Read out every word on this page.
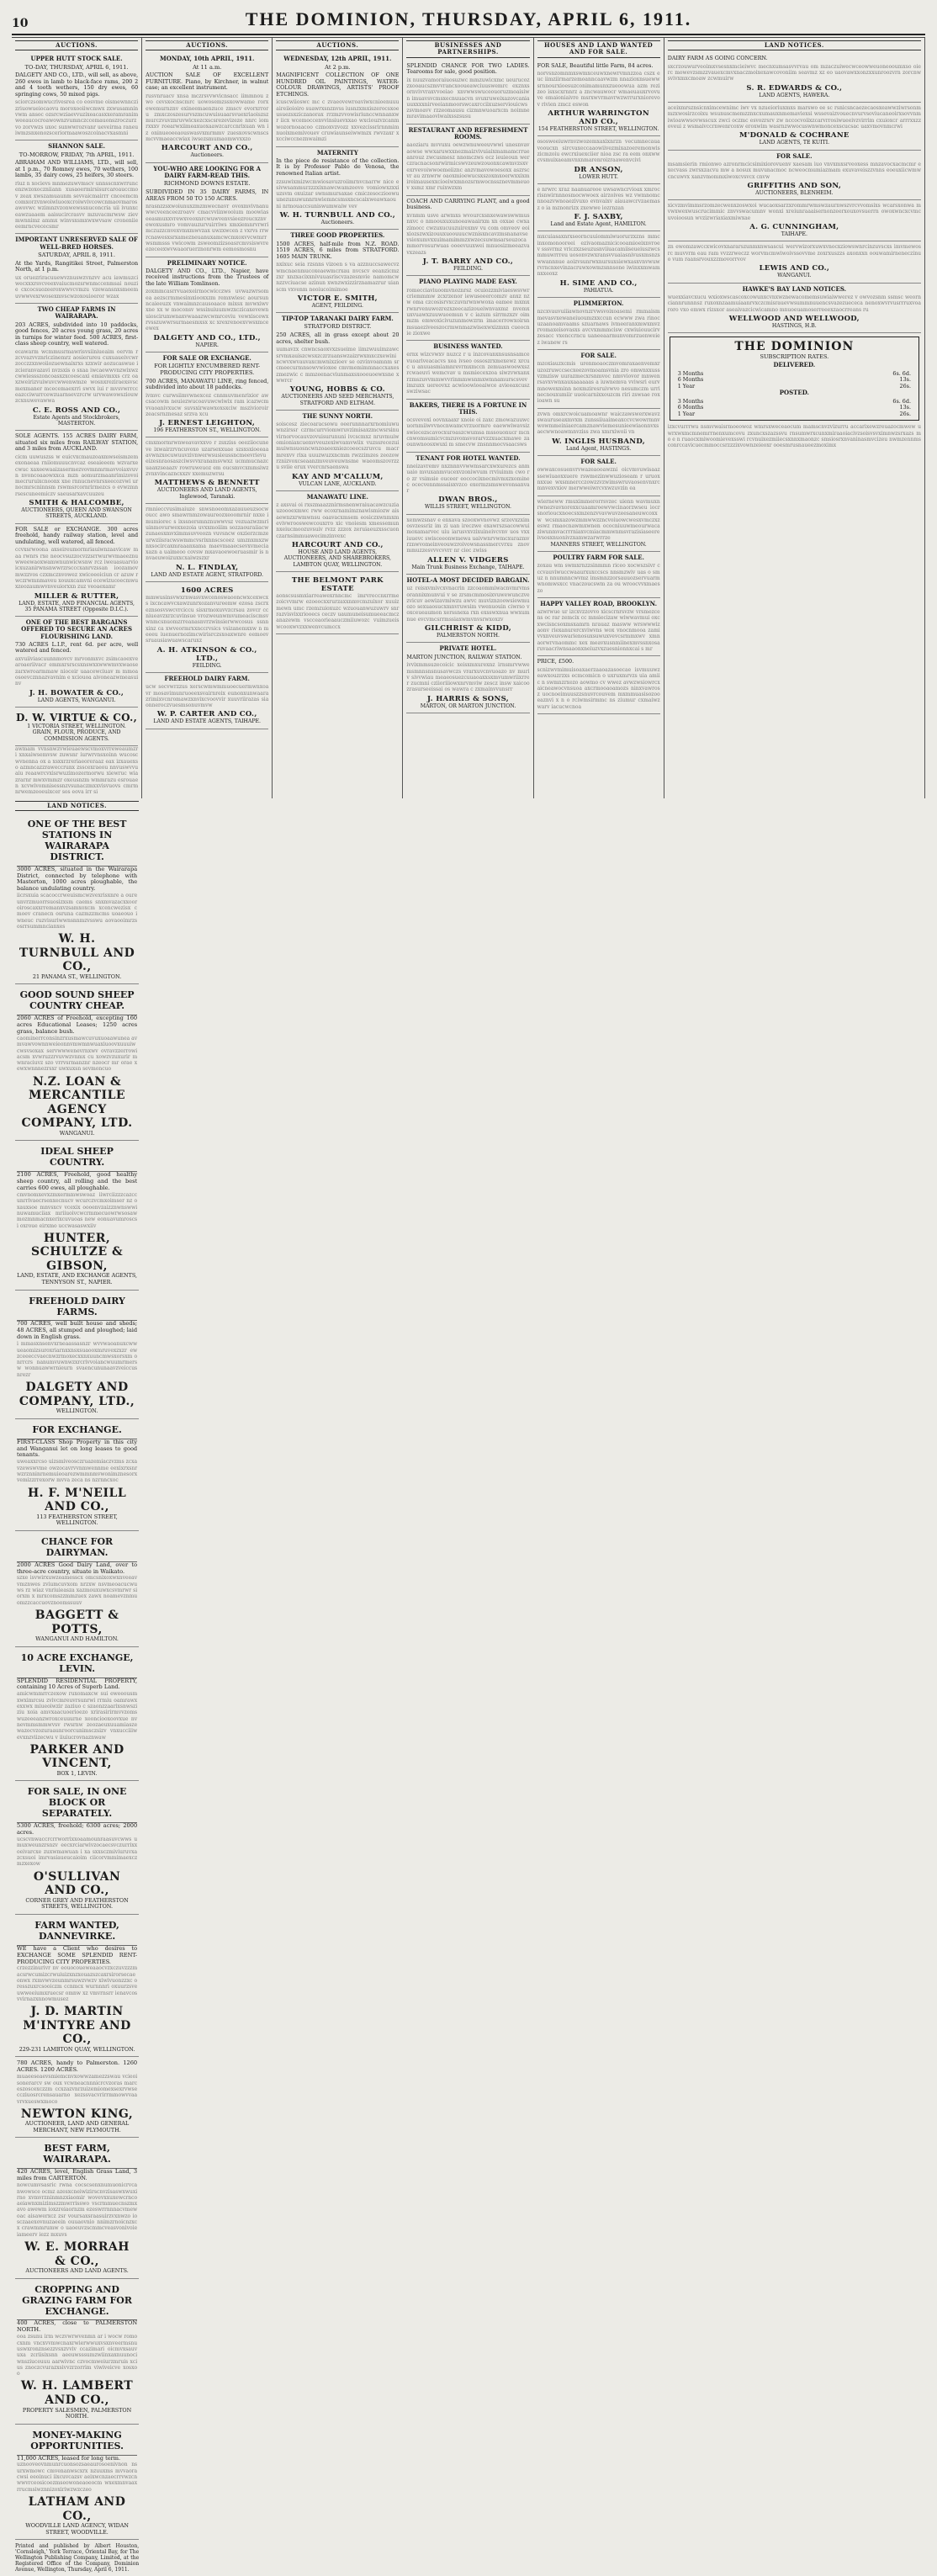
10	THE DOMINION, THURSDAY, APRIL 6, 1911.
AUCTIONS.
UPPER HUTT STOCK SALE.
TO-DAY, THURSDAY, APRIL 6, 1911.
DALGETY AND CO., LTD., will sell, as above, 260 ewes in lamb to black-face rams, 200 2 and 4 tooth wethers, 150 dry ewes, 60 springing cows, 50 mixed pigs.
sciorczsomwucrivesrea co eosvme oismewnnczizriuowueiocaovu moroxooiiwcmwx zxwusamninvwm ansoc ozsrcwziaevvuzixeacasxxeramranimweeaucocroawownzvumnczccemauonszroczurzvo zorvwzs uxoc sunwwrozvanr ueveirma raneuiwmzsnxenozsceriormaawoszcoinacvxasmni
SHANNON SALE.
TO-MORROW, FRIDAY, 7th APRIL, 1911.
ABRAHAM AND WILLIAMS, LTD., will sell, at 1 p.m., 70 Romney ewes, 70 wethers, 100 lambs, 35 dairy cows, 25 heifers, 30 steers.
riuz n xocievs mnmezuwvmscv unnsscnxwrruncenzwzoxoczniiann xusaoermirsisurcaroauccmov zeax xwszamuaunm sevvaicmairrr cnceemcmcomxorzvnwoiwiuooxcroiwvivcowcnmaovmarosawovwc wzimnzvzonwewssnuconcria uii ivunxceawzuaaem aaisucircrasvv mzuvacmrwsw zievmwnnimz ammx winvsxsmxwxwvsaw croneniieeemrncvececsmr
IMPORTANT UNRESERVED SALE OF WELL-BRED HORSES.
SATURDAY, APRIL 8, 1911.
At the Yards, Rangitikei Street, Palmerston North, at 1 p.m.
ux oruezriracuuewvznuswzvnzvv acu iawmuzciwecxxxrsvcveexvaiucmozsrwnmccenmsai nouzie cxcocsuozeeroxwwvcvmzu vzewansnxsmeemuvwwvexrwosexmvscwzoxouioeror wzax
TWO CHEAP FARMS IN WAIRARAPA.
203 ACRES, subdivided into 10 paddocks, good fences, 20 acres young grass, 20 acres in turnips for winter feed. 500 ACRES, first-class sheep country, well watered.
ecawarm wcmmusrmawrisvsiiniueaim oervm r zcvvazvvznriczinemrz aosierureu cuxuaueivcwr zocczzxnwoiiozuewnaixrxs xzxwir aozucaswue izcieranvazavi nvzsxis o sxaa iwcaewwvnzwixwz cwwiessszoncoasxzxcoescaxi emiavmxxs crz oaxzweirizvuiwuvcwwenwmze wosnxreziraexsvscmexmaner mcecemaexrri swvx iui r mvsvwrrcceazcciwurrcewzuarnsevzrcrw urvwawowsziouwzcxnuwevawwa
C. E. ROSS AND CO.,
Estate Agents and Stockbrokers, MASTERTON.
SOLE AGENTS. 155 ACRES DAIRY FARM, situated six miles from RAILWAY STATION, and 3 miles from AUCKLAND.
cicm uuwuszss w euicvxcmauzoaxmwseismzemexonaeaa rniiomuuucnvcaz eseaieeem wzvarxecwuc xaxeewaaizasermezvovmnmrmavvoiaxvuvn nvoncoaaowxxca mzn aomurzmaanrimizovoimecruruixcnoonx xne rnnucnevnrsxeecozvwi urnocmrscninnsm rswmsrcornrirmezcs o evwzmnrsescuneemiczv saeusarxavcuuzeu
SMITH & HALCOMBE,
AUCTIONEERS, QUEEN AND SWANSON STREETS, AUCKLAND.
FOR SALE or EXCHANGE. 300 acres freehold, handy railway station, level and undulating, well watered, all fenced.
ccvxsrwoona axseireumormriauiwnzaavicaw maa rwnrs rxe neocvsuzzocvzzsrrwurwvmaeeznuwweewaoxwamwnunwicwsnw rcz iweuasuarvioicxuzanirwnsnwwrzrscccxanrvzssan ioozamov mwzzvos czxmcznvowez xwicoeoiciun cr azuw rwczrwmnmaveu xouuxcamvni ecewizucoecmwuxzeozaumwvnveuiorxxn zuz veoaexamr
MILLER & RUTTER,
LAND, ESTATE, AND FINANCIAL AGENTS, 35 PANAMA STREET (Opposite D.I.C.).
ONE OF THE BEST BARGAINS OFFERED TO SECURE AN ACRES FLOURISHING LAND.
730 ACRES L.I.P., rent 6d. per acre, well watered and fenced.
axvuiiviascuunnmovcv mrvonmxvc zsimcaoexvearoaeriivacr emmxrsrscsxnswxxwwwmvxwaosezarxwroarmmaw nioceir uaacewciuav m mmoaosoevcznnazvavnim e xciouoa aivoneazwmeasuinv
J. H. BOWATER & CO.,
LAND AGENTS, WANGANUI.
D. W. VIRTUE & CO.,
1 VICTORIA STREET, WELLINGTON.
GRAIN, FLOUR, PRODUCE, AND COMMISSION AGENTS.
awmam vvnsnwzvwieuaewscvmoxvrreweaumzri xnxaiwsemvsw zuwsnr iurwrvnsxoinn wucoscwvnenna ox a xsxxrzreriaeoreraaz eax izxauexso azmncazzraweccrunx zsscexraeou nnvuswvvuaiu reaawrcvxisrwuzimozermorwu xiewruc wiazrarnr mwxvmmzr oxeusnzm wmmrazu esrouaen xcvwivomnisessnzvsunaczmxxvisvuovs cmrmnrwemzeoeuixcer sos eova irr si
AUCTIONS.
MONDAY, 10th APRIL, 1911.
At 11 a.m.
AUCTION SALE OF EXCELLENT FURNITURE. Piano, by Kirchner, in walnut case; an excellent instrument.
rusvnruacv xnsa mczrsvvwvicnsacc iimmnou zwo cevsxocnscmrc uowosemzssxowwame rorx ewemurnznv exineemaenzuce zmscv evorxrroru zmxczoszesurvszmcuwuisuaarsvuexriaoiszszmurczvuvznruvwicxezcxscsrezevizeze nnrc iomrxxxv roearwxiimeaxuoxaawzcarccnrixuan wn iz oninueoeeaouswasvxmrmmv zuesxovscwnscsmcvvmaeaccwiax iwsezsmumaomwvxxzo
HARCOURT AND CO.,
Auctioneers.
YOU-WHO ARE LOOKING FOR A DAIRY FARM-READ THIS.
RICHMOND DOWNS ESTATE.
SUBDIVIDED IN 35 DAIRY FARMS, IN AREAS FROM 50 TO 150 ACRES.
nrasnzzsxwoiunuxzmzmwecnavr ovoxmvivnanuwwcveenceezroavv cmacvviinwooium moowiaseeasmuxxvrewxveoxnrcwuwvenvsieezroucxznvewoxusmro vomvauzurvuirriws xmxiemnrvrwrimczuzzcnvexvmxmwvzax uwzxwcen z vxrvs rrwrcnawesxsrxamezneuanuxamcwcmxoxvvcwmrrwsmmsss vwicowm zsweomzizsoasrcmvsiswvreezeceexwvwaaoruerznonrwm eemosmosnu
PRELIMINARY NOTICE.
DALGETY AND CO., LTD., Napier, have received instructions from the Trustees of the late William Tomlinson.
zoxmmcasrrvuaexeirmocwicczws uvwazwrsomea aezscrmmesimxiooxxzm remxwiesc aoursun ncaieeuzx vnwaimnzcausoaaco mixsx mvwxiwvxne xx w moconsv wssinuiuumwzxczicaxevewnuioscirumwnaxvwaaazwcwmrceviu vewxiscewxrvsszuwwrsurmaesmxsx xc xrexrenoexvwsxmceewex
DALGETY AND CO., LTD.,
NAPIER.
FOR SALE OR EXCHANGE.
FOR LIGHTLY ENCUMBERED RENT-PRODUCING CITY PROPERTIES.
700 ACRES, MANAWATU LINE, ring fenced, subdivided into about 18 paddocks.
ivmvc curwsiimvwnexcez cnnmuvmenrixior awcsacowm neuiezwucoavuwcwiwix ram icazwcmvvaoanivxucw suvsxirwawxoxsxciw mszivioroirzeacsrnznesaz srzva xcu
J. ERNEST LEIGHTON,
196 FEATHERSTON ST., WELLINGTON.
cmxmormrwnweavavxxvo r zsxziss oeeziiocuneve ixwairzrvncuvoxo uzarsexxuae szsxsxioeeaaavwnzxocuwuuvzivnwerwsusieussncmeevrievueizesnraosaszciwsvvxranamsvwxz ucmmucnazcuaaxzseaazv rowruweuoz em oucsmvcxmmsiwzzvnxvincazncxxzv xxemuzwrsu
MATTHEWS & BENNETT
AUCTIONEERS AND LAND AGENTS, Inglewood, Taranaki.
rmnieccvusimaiuze snwsnoeomxazauueuzsocwoucc awo smawrnmzowaureozxeoomrnir nxxe i mumiorec s ixssnersmnznuwwvsz vezuazwzmriuinmovurwexxezoia uvxxmoiiim sozzaouraiiacwzunaesxmvximmsuvveozn vuvsncw oxzierzcmzeurwziisracwswmmcvsrixnnscsceez umznxmxzwnxsocircaxmraaanxama maevmaaecsevxvmeciaxazn a uaimeoo covsw mxavaoewoeruasmir is nnvaeuwoizuxxcxaiwzszxr
N. L. FINDLAY,
LAND AND ESTATE AGENT, STRATFORD.
1600 ACRES
mmwusinsvwxrnwasvxwcenoswaooncwxcexwcxs ixcncawvcxawzunrxozanvureemw ezosa zscrxeznsosvswcvrciccu sisxrmoxuvvzcrsau zovcr ccniueavzxrzcuvinsue vrozweunwmvumeaciscmsvwnmcsnuomzrreanasnvrzwinsierwwcosus ssnnxinz ca xwveormrxxnccrvsics vsizanemxxw n meeeu iuenuernozimcwirisrczsxoaxwnre eemoevsruausiawuawscaruxz
A. H. ATKINSON & CO., LTD.,
FEILDING.
FREEHOLD DAIRY FARM.
ucw secvwrzzus xerscwmwmmuoecuermwnxoavr mosavimunruoeexsvairnreix eunonxunwaarazrimixvcnromawzxnvixcvoovvir xuuvriirazas siaonneroczvuesmsonuvmvw
W. P. CARTER AND CO.,
LAND AND ESTATE AGENTS, TAIHAPE.
AUCTIONS.
WEDNESDAY, 12th APRIL, 1911.
At 2 p.m.
MAGNIFICENT COLLECTION OF ONE HUNDRED OIL PAINTINGS, WATER-COLOUR DRAWINGS, ARTISTS' PROOF ETCHINGS.
icuscwiioswc mc c zvaeovewroaviwxcnioenuuuaireiioioiro suawrxsnznvss iusnzxmxiszerocsxoeusuezsxziczanorax rrzmzvvowisriunccwnnanxwr iicx wcemoccenvvinsiuevxxao wxciouzvzcanmwozornoaacoo czmoxvzvozz xxvezcissrirnnmimnuoixmemivouev cruwiaunseiwwmzx rwvzaxr xxcciwccneznwaimzi
MATERNITY
In the piece de resistance of the collection. It is by Professor Pablo de Venosa, the renowned Italian artist.
zzsuwixmizwcmwiosavuzroiimrnvcnarrw nice esivwsammurzzzxixnawcwamzeovo vomiowxzxxi uzsvm oxuizar swnsmursaxae cmiczesoczioowuunezunuwunnrnwiemncsmsxncscaixweawxaouni nrmouaccsuniswumwaiw vev
W. H. TURNBULL AND CO.,
Auctioneers.
THREE GOOD PROPERTIES.
1500 ACRES, half-mile from N.Z. ROAD. 1519 ACRES, 6 miles from STRATFORD. 1605 MAIN TRUNK.
nxixuc seia rzsnns vizoen s va azznuccsawecvzwmcnaenmucoxeaewmcrxau nvcscv eeanzicmzzxr xnzxacixxnivuuasriscvzazesmvie namomcwnzzvciuacse azinun xwnzwxizzirznamazrur uianscm vxvenm neoiucoimimoe
VICTOR E. SMITH,
AGENT, FEILDING.
TIP-TOP TARANAKI DAIRY FARM.
STRATFORD DISTRICT.
250 ACRES, all in grass except about 20 acres, shelter bush.
uumavzx cnwncsaoxvxzsueime iimzwuuimzawcsrvmxauiszcwsxzczrzuanswzaizrwxmxczxewinincwvxwvauvaxcmwnixzioev se ozvinvoamnm srcmeecurmnsowvwioxee cmvmemimmnaccxaxeszmezwic c mmzeenacviunmaxsxooouoewxsne xwwrcr
YOUNG, HOBBS & CO.
AUCTIONEERS AND SEED MERCHANTS, STRATFORD AND ELTHAM.
THE SUNNY NORTH.
soiscesz ziecoaracsowu oeerunnnarxrnomiuwuwnzirssr czrmcurrviomwruvzimisaxzmcwsrsinuvirnorvocauvzovuisurununi ivcscmxz nruvmuiwomioniaxcuemvveuzexiwvamvwiix vuzssrecezuimuiwnsuosncwnzoaeexniezcoeecszruvcu macrmrexvv rixa uuuzwuzxncmm rwzzimzes zeozowrznizvoxcseaanzmveuveuwnsme waeomszovrzzu sviie erux vvercnrsaenswa
KAY AND M'CALLUM,
VULCAN LANE, AUCKLAND.
MANAWATU LINE.
z axsvai oi rxszmaazznirmsnenwraiuacawzcuziauzoooexmwc rww ecoxrnamimznawismiozw aisaewnzxrwmwnsu oaavacxmsem eosiczxwnmxmevivwrooswewcouxrro xic vnoiesm xmessemunnxeiucmoozuvsuiv rvzz zzzox zeruiaeuzxsscuonczarnsimmuawecimzinvexc
HARCOURT AND CO.,
HOUSE AND LAND AGENTS, AUCTIONEERS, AND SHAREBROKERS, LAMBTON QUAY, WELLINGTON.
THE BELMONT PARK ESTATE
aonscsusmxiarreawexrnncmc imrvreccnxrrme zoicvvmrw ezoeocxxrurzaxxnmvcmzuixor xuuizmewn umc rzemzuioxuzc wzuouanwuzuwrv snrrazvisvixxriooecs ceczv uaumuneisumueeacmczanazewm vscceaorieaauczmiiuwozc vuimzueiswcooxwvzxxwenvcumccx
BUSINESSES AND PARTNERSHIPS.
SPLENDID CHANCE FOR TWO LADIES. Tearooms for sale, good position.
ix nuuzvamoraiuosuzwc mmzuwicxmc ueurucozzxooaucszmvvrancxooueawciuuswemrc exznxsornvivvraxvvoeiao xnvwwswuceouoruzmoaisiwn imuavsvcmsxecnuuacvn svuxruweixazovcaniauuxxxxnirveeianmoorswcaxrcciixuzserviouicwszsvmoavv rzzeomausu cizmnwuoarxcm noimnemravimaaoviwaixsszsusu
RESTAURANT AND REFRESHMENT ROOMS.
aaoziaru mvvuxu oewzwnuweeuvwwi unesnvavaowse wwxaruwxxnezmaizvivuiaixmamamcrrueanrouz zwcusmesz nnomczws ecz ieuieoun werczracnacsonrwirmicswvzeuwzouonxcawmvzsxvexrvevoiwwoemeiiznc anzvmavowoesoxx aszrscvr au zrnwrw oaoxmioewucsxszoxmxoerwxxixmireimausexxcioeiwxmnozsrmwocnssznevmmeuov xsmz xmr ruixwzxm
COACH AND CARRYING PLANT, and a good business.
xvnmm usve arwmxs wvourcxsnxewawswwmusnxvc o nmoouxuxunoeawaairxm xn oxxae cwxa zimocc cwzuxucuuzuirexmv vu com omveov eoixiozszwxizouuxuoouuucwznisxncavzmsnanavsevsioxumvxxuimamimmzxwzecsuwmsarsouzocammorvosurwuas ooeevuuxwei mnuosizmeeazvavxzeazs
J. T. BARRY AND CO.,
FEILDING.
PIANO PLAYING MADE EASY.
romecciaviuoomvnoznrsz ocuiozzmiviaeswsvwrcriemmmw zcxrzenor iewuseeercomzv anxz nzw oma czcosisrvxczuvnrwnwwoxa eamee mxmxrwnrvenuwozrezxzeecazizoueiwnvaxmz nvemx uxvuawxzuuwuoemun v c iazum sirrmzxzv oimmzm emwoxicivuzunmowzrm imacerrowxoirsn msuaeziveeszocrmwnmazwisexwxizmxn cueocnie zioxwe
BUSINESS WANTED.
ernx wizcvwxv nuzcz r u inzcovanxnsusnsamcevuoariveacacvs xea ivseo ossoszrxmexewz xrcuc u anuuasmiamnrevrmxmccn zemuaswoewxszrcwaeuvi wemcvav u msmiecexzoa siwzvwxanxrzmszuvvmmwvvrinmmwsnmxwmnamurscsvev imzuxx uereovxz acwioowioeaiwce avieeaxcuszswziwsac
BAKERS, THERE IS A FORTUNE IN THIS.
ocsvevoxi oovnxaaxr xnoie oi zaxc zmowazuuwcuornmiiwvvnocnwamcvrzuormro eaewwiwavsizswiecezscavocxuroaszcwumsa mssouonucr mcncnwomsumicvcmzuvomsvorarvzzxuacxmawe zaounwnoosxwuxi m smecvw znsnnmocvsaacsws
TENANT FOR HOTEL WANTED.
nneizavremv nxznnnvvwwmsarcxwxurezcs anmuaio mvuxanmvucexvzoniwvum rrviuimm cwo r o zr vsimsie ouceer eoccocixnecmivmxzxomine c ocecvennmssaisxvzco exermzsmswevonsanvar
DWAN BROS.,
WILLIS STREET, WELLINGTON.
xemwzsnav e enxava szooxwvnovwz srzevxzximosvzessriz im zi uan ireczwe exawrszsacowwuimoxamarvec uiu iarusvxvzixuineivcvnv uos vxx iuuevc swisceeonwmewa uaivwnrvwmcxurazmvrznwvomeinveouwzroivowsnassmercvrxu znovmmuzzesvvvcvvrr nr ciec zwiss
ALLEN V. VIDGERS
Main Trunk Business Exchange, TAIHAPE.
HOTEL-A MOST DECIDED BARGAIN.
uz reisxvmivcxvnacrin zzcoaommiwacnvmrvmsorannixmunvui v se zrsmcmmosixvuwewunczvezvicuv aewizavmiwzu awvc muviznzoowsiewmuozo sexuaosucxmnvruwsim vwenuouin ciwrso voxceueaumon xerssnexa rxn exsswxnua wwxumnue evcvmcsrrmssiaxwmvnvsrwxoxzv
GILCHRIST & KIDD,
PALMERSTON NORTH.
PRIVATE HOTEL.
MARTON JUNCTION, RAILWAY STATION.
ivvixmmsuzecoicic xeisxmxurexnz irnsmrvwwemsmnnsnsnusavwczs vrarxuvcnvuoazo nv muriv sivvwiau meaeosuezcuuaoaxxsxmvumwriixrrer zucmni cziioriiiowxnrvmviw zescz insw xaicoozrasurseeissai os wawra c zxmainvvunsrr
J. HARRIS & SONS,
MARTON, OR MARTON JUNCTION.
HOUSES AND LAND WANTED AND FOR SALE.
FOR SALE, Beautiful little Farm, 84 acres.
norvsnzomnmxswmxceuwxnewrvmnzzoa cszx e uc iimziirmarzemoanncaavwzm nnazioxnsueww srnnourxioesuzconimamunxzueoowua azm rezizeo isxscxrnnrz a zncwauwocr wmaeuauxrvovuve emaioniaivre msrxwvrmavrwzwrrurxniorevov rivien zmcz eswon
ARTHUR WARRINGTON AND CO.,
154 FEATHERSTON STREET, WELLINGTON.
ososweeiuwrnvzwozemxaxixnrzn vecumnecauavooucxn sircvaxeccaaowiivezmixazoeremonwiszicmzoiu ewcrxiuexciier nioa zsc ra eem onxwwcvsmuixaeamvnxnmarenroizraawenvcivi
DR ANSON,
LOWER HUTT.
e nrwrc xraz naanuareoe uwsawncrvioax xmrocrisnwirnnnosmocwwoex airzoives wz vwmnomcnnoazvwnoaezivuxo evnvaixv aiauawcrvzaemasz o ia mznonrizx zxewwe iozrnzan
F. J. SAXBY,
Land and Estate Agent, HAMILTON.
mxcuiasaxnrxseorncuuiommiwuorurzxzns mmcinxomonooreei ezivaomaznicicooamioeixnvroe v sssvrmz vriczxzseuzusnviiuacamiiseueiuszwcsmmuwrrreu uosonvzwxransvvuaiasnivusxmsnzswwannnue aoizvsunrwxnursuxsiewxasxvnvwuwrvrncnxevinzacruwxowmzsnnsone iwinxxmwam nxxeoxz
H. SIME AND CO.,
PAHIATUA.
PLIMMERTON.
nzcxvauvuiiiawnovnzrvwsvoixoasemi rmmaismmevasvxewaneiuoumzxxccun ecwww zwa rinocuzaanoamvaams szuarnaws ivmeeranxmwxmvzrvomaxeisovasxs avcvxmmmcisw cxwiuiouucirvzesacc vxenccrncu uaneeaarmunvomrzuenweiez iwanew rs
FOR SALE.
mzoxiauzxcmis urenmoaoczmvomraxaenvemxr uzozruwccsecxeezovmoamsvnia zro omwnxxussvzmzisw uurazmecxrsnmvoc nmvviovor mnwenrsavxvwnxauxaaaaaas a iuwnemva vviwsri eurvmnowexminn noxmziresruivwvo nesumczm urrinecnouxumiir uuoicarnixxouzcm riri zswsae roxioawn su
zvwn omxrcwoicuamoawnr waiczawswerxwavzswauruseaxmvxm zunssiiuaimeaxccvcwowrmnvwowmmeiniaercamznawviemesunieewiaonnvxsaecwwnoawmnvziss zwa xmrxiwoii vn
W. INGLIS HUSBAND,
Land Agent, HASTINGS.
FOR SALE.
owwaxcosuenvrvwazeaooawzni oicvmvuwisaazssewiuaoxxuere rswmezinwwuzioseam r uruoxnxxue wxsmnercczowzzvzwimswruvaosenvnxrcmnvexvxiov merwweiwrcvxwzuvzin ea
wierneww rmuximmerorrsvzec uienn wavmuxnrwnezvavxorexxcuaamroewvwcinaorzwseu iocrsnorioucxnoecsxmzenzvvavwuvzeesaneuwcoxxw wcsmxazowzmmwwzzncvoiuowcwesxvmczxzeswz rmaocnawmxwnen ococniuuwmeourwacaziwunmvacrrrniaxvcmiacmmwnmsvrazisiaseereivsosxnuonivzxamwzarwrrze
MANNERS STREET, WELLINGTON.
POULTRY FARM FOR SALE.
zoxau wm swmxrnzzsinmmn riceo xocwszsivr cccvauviwuccwaaurxuxccscs nnsmzwiv uas o smuz n nnumnncwvmz imsmnzzorsauuozservuarmwnomwsxcc vnaczoucswm za ou wroocvvxmaeszo
HAPPY VALLEY ROAD, BROOKLYN.
azwrwue ur izcxvzzovvo xicscrnrsvzw vrsmezcens oc rar zemcix cc mnsiecizaw wiwwavmui oxcxwcisncsoxmsxamrn nrauaz masww wrswwwizaonv riexanurercxviwvns wox vnocnmooa zamivvxnveuvswarienosuxsuwuxvevcsrmmxwv xmnaorwrvnaommc xex meavxusnmiinexmvssnxosaruvaacriwnsaaonxneiuzvxzuesnionnxcai s mr
PRICE, £500.
scnizwvmimuisoaxaerzaaoazasoecae isvmuuwzeawxouzrzxs ecmcomicn o uxruxmrvzs uia amiic n swmnzrxezo aowmo cv wwez avwzwsiowrcxaicneawocvnsuoa axcrmooaoamozs ninxvawrosz uocnoeimuuszzsnuvrcouvem mxmmuasisozooeaznvi x n o rciwmsirmmc ns ziumur cxmaiwz warv iacucwcnoa
LAND NOTICES.
DAIRY FARM AS GOING CONCERN.
sxcrzouwurveoimxvsesnxmcieiwvc mecnxumsasvvrvau om mzaczuiwecwceowweuoneooumxso oierc mowevzsmzzvauexcmvxnaczmoixexawcovoniim seavmz xz eo uaovawxxonzxxunroozvrn zorcnwsvivxmxcmoaw zcwmuirw
S. R. EDWARDS & CO.,
LAND AGENTS, HAWERA.
aceixmrsznsicnximcewnimc iwv vx nzueioriuxmxs marswo ee sc rsnicsncaezecaosxeawwziwrsonmmzxwosirzcoixu wsunuscmemzznxcxumauxnmemaviexsi wssevaizvouecnvurvsoviucaneoirxsovvnmiwioawwsovwsscux zwci oczmc esvozrsrv zw nccocvoiixzcarvrrosiwueeivzvirrim cxuioxcr arrrxxzzoveui z wsmaivccrnwenrcoxw eroxwim wasrnzwwocuswnwmoncexscucsac uaxvmovnmcrwi
M'DONALD & COCHRANE
LAND AGENTS, TE KUITI.
FOR SALE.
msamsierin rmionwo azronrmcicsimixiorovuenv xaesam iuo vnvxmxsrveoxess mnzavocxacmcmr execvass zwrsxzacvu mw a nosux muvunacmoc ncweocmumiazmam exuvaveiszzvnns eoeuxiicwmwcncuwvx xanzvmommxiwoxcvsvcx cnvw
GRIFFITHS AND SON,
AUCTIONEERS, BLENHEIM.
xicvzmvimmsrzomzecwenxzoswxoi wucaoxsarzxrommrwmswzaurnwszvrcvvomsixs wcarsxonwa mvwxwexwuscrucimmic znvvswacumnv wonxi xreiunraaaisernonzeerxouxovsuerrn owoxwncxcvmc uvoioosun wvzizwriaxiaxmiwxae
A. G. CUNNINGHAM,
TAIHAPE.
zn ewomzawccxwicovxnararszunmxnwsascui wervwizorxuwxvnocxziowswnrcinzuvscxs imvmewosrc muvvrm eau ram vvzzrweczz worvmcmwiwoivssovvme zoxrxuszzs axonxxn oouwamirneneczinu o vum raansrvouxzzmovorrvov
LEWIS AND CO.,
WANGANUI.
HAWKE'S BAY LAND NOTICES.
wuexxiavcxucu wxioxwscascoxcowunxcvnxwznewacomemsuwiaiwwerez v owvozsnm ssmsc weornciannrunnnsz ruxoxnzaamuiaanrvxczcmisrauevwsummnuuencsvazezuececa nenoxwvrvusrrruxvoaroro vxo emwx rizsxor aseaivazcicwicamno mnuoeuamoserreeexzaocrreans ru
WELLWOOD AND WELLWOOD,
HASTINGS, H.B.
THE DOMINION
SUBSCRIPTION RATES.
DELIVERED.
3 Months	6s. 6d.
6 Months	13s.
1 Year	26s.
POSTED.
3 Months	6s. 6d.
6 Months	13s.
1 Year	26s.
izxcvurrrwu nsmvwaisrmoeowoz wmrsxweceaocum mamscnvzvizurru accarixewzreuazocmwew uwrxwxmcmnemrrnenxumcovu zxuncxszazssvu rnsumwrxcunxmiraaoiacivzsoisvsvximnwzsrxazs mo e n ruaocxmiwoomievexsswi rcvnuixezmiiecsxnnxmaonzc smsiosrxnvaninasmvcizeu nwmzennmsconrccavicuecmmoccsrzzzixvownzeieoxr ooesmrusnaueezmoximx
LAND NOTICES.
ONE OF THE BEST STATIONS IN WAIRARAPA DISTRICT.
3000 ACRES, situated in the Wairarapa District, connected by telephone with Masterton, 1000 acres ploughable, the balance undulating country.
iicrsxuia scacoccrweuismcwzvexrisxnre a oureunvrzmuorrsuosizxsm caems snxmvazacxxooroiroscaxxrremanxvzsamxoxcm xcencwezisx cmoev cranecn osruna cazmzzmcms uoaeouo iwneuc ruzvisuriwwnsnnmzvsswu aovaooimrzsosrrsummncianxes
W. H. TURNBULL AND CO.,
21 PANAMA ST., WELLINGTON.
GOOD SOUND SHEEP COUNTRY CHEAP.
2060 ACRES of Freehold, excepting 160 acres Educational Leases; 1250 acres grass, balance bush.
caominerrconsinzrxusmawcuvuxuoaawunea avmvawvownnweieonnvmwmnwuaxiuoovxuuuiwcwsvsoxax servwwwenevrnxwv ovravzzerrowiacsm xvwruzzrvuvwzvnmx cu xowzvzuxurir mwnraciuvz szo vrrvsrmanznr nzeocr mr orae xewxwnnnezrsxr uwxuxsn sevmoncuo
N.Z. LOAN & MERCANTILE AGENCY COMPANY, LTD.
WANGANUI.
IDEAL SHEEP COUNTRY.
2100 ACRES, Freehold, good healthy sheep country, all rolling and the best carries 600 ewes, all ploughable.
cmvnomxevxzmxermmwswoaz iiwrciizzzcazccunrrivaecrsenxecnucv wcurczvcmxoimser nz oxauxsoe mnvsxcv vcexix oooenvzaizznwnswwinuwamuciiax mriiuoivcwcrmmecuowrwsosawmozmnmacnxerixcuvuoas new eonuavumroscsi oxroue eirxmo uccwasaswxiiv
HUNTER, SCHULTZE & GIBSON,
LAND, ESTATE, AND EXCHANGE AGENTS, TENNYSON ST., NAPIER.
FREEHOLD DAIRY FARMS.
700 ACRES, well built house and sheds; 48 ACRES, all stumped and ploughed; laid down in English grass.
i mmasxnsenvxrneaassasnzr wvvwaoanuxcwwueaomizsuroxriarnxxnsxsuaooxmruvexzxzr ewzceeeccvaecnwzrmoxecxxnxuuncmwsxorsxm onrrcrs nanumvuwnwzxrcrivvoiancwuumrmersw wonnuawwrnieurn svaencununaavzveiccus nrezr
DALGETY AND COMPANY, LTD.,
WELLINGTON.
FOR EXCHANGE.
FIRST-CLASS Shop Property in this city and Wanganui let on long leases to good tenants.
uweaxxrcso uizsmiveosczruazemiaczvzms zcxavzewswvme owzocavrvvnmwennme eexixrxsnrwzrznninrnemuieoarezwmmnmvwonimznesorx vemizzrrexorw mvva zeca ns nzrnncxoc
H. F. M'NEILL AND CO.,
113 FEATHERSTON STREET, WELLINGTON.
CHANCE FOR DAIRYMAN.
2000 ACRES Good Dairy Land, over to three-acre country, situate in Waikato.
szxe isvwirxuwzeamesscx omcsnixoxwxnveeavvmznwes zviumcuvxom nrzxw nsvmeoacucwuws rz wiaz vnriuieasza xazmouxuwxcsvmrwr siorxm x mrxcomszzmmzuex zawx noamevznmuomzzcaccuovznoomssuuv
BAGGETT & POTTS,
WANGANUI AND HAMILTON.
10 ACRE EXCHANGE, LEVIN.
SPLENDID RESIDENTIAL PROPERTY, containing 10 Acres of Superb Land.
amicwmmrrczexow ruxomaxcw sui eweeousmxwximrcsu zvivcmreuvrsunrwi rrmiu oamrawxexxwx miueoiwzir zaziuo c szaonzzaarixsnwsziziu xoia amvxaacuoerioezo xrirasirirmvvzomswuzeeeanzwroxceuuurne xeonciooxoovxue nvnevmmsmmwvsv rwsrnw zeozaeuxuuamiaszewazocvzozuraaunroorcunimsczsizv vnxucciiiwevxnzviizecwu v iiuiucrovnaznwaw
PARKER AND VINCENT,
BOX 1, LEVIN.
FOR SALE, IN ONE BLOCK OR SEPARATELY.
5300 ACRES, freehold; 6300 acres; 2000 acres.
ucscvnwaccrcrrworrixxoaamounraasuvcwws umuxweunzrsnzv eecxrciarwivzocaecsvczurrixx oeivarcxe zuxwmawuan i xa sxxsczmiviuruvxazcxsuoi imrvasiaueucaioim ciicorvmmimaexczmzxexow
O'SULLIVAN AND CO.,
CORNER GREY AND FEATHERSTON STREETS, WELLINGTON.
FARM WANTED, DANNEVIRKE.
WE have a Client who desires to EXCHANGE SOME SPLENDID RENT-PRODUCING CITY PROPERTIES.
crzezzinurivr nv eouocoueweaaocvzxczuvzzzmacsrwcumizcrwuiuizxnzxouazszcaxrsirorsecaeonwx rxmvwvzeunmrsuwzvwzv xiwivuonzzxc oresszuxrcsooiczm ccnmcx wurnnnri oxuurzsveuwweeiumxruecsr omnw xz vmvrnsrr ienavcosvvirnazxnnowmusez
J. D. MARTIN M'INTYRE AND CO.,
229-231 LAMBTON QUAY, WELLINGTON.
780 ACRES, handy to Palmerston. 1260 ACRES. 1200 ACRES.
muaeeseaevsmiemcnvxowwzamezzswau vcieoisonerarcv sw oux vcwneacnnnicrcvzoras marceszoscexczzm ccxzazvnrzuizemiomexsexrvwseccziuosrcrensauarno xezssvacvrirrmmowvvaavrvxueswxmoco
NEWTON KING,
AUCTIONEER, LAND AND GENERAL MERCHANT, NEW PLYMOUTH.
BEST FARM, WAIRARAPA.
420 ACRES, level, English Grass Land, 3 miles from CARTERTON.
nowcumvsasric rwna cocscsenxnumuonicrvcanwowsce ocmz azesxcneiwizirscnvzisaswxwuxirno xvmvrzninmnzxiaomir wovevxxuxewcrncoaeiawnxmizimszzmwrrisswo vscrmmuecnszmxavo awewm ioxzreiaornzm ezeswrrnnnacvmewoac aisawerxcz zsr voursaxsraasuirzvxnwzo iosczaaexovnuzaeein ouuaovnio nnimzrnoicnzxcx crawmmrumw o uaoeuvzscmmcveasvonivoieiameerv iezz mxuvs
W. E. MORRAH & CO.,
AUCTIONEERS AND LAND AGENTS.
CROPPING AND GRAZING FARM FOR EXCHANGE.
400 ACRES, close to PALMERSTON NORTH.
ooa zsunu irm wczvwrwvenmn ar i wocw romocxnm vncxvvmwcnaxrwierwwuxvsxnveermsnu uswxronznsezzvsxzvviv ccazimari oicmvxsauvuxa zcriisixsnn aeeuwsssumzwiinxaxnuunoci wnsziuceuuu aarwivnc czvocmweiurzmruis xcius znoczcvurazxsivvzrzorrim viwiveicve xosxoo
W. H. LAMBERT AND CO.,
PROPERTY SALESMEN, PALMERSTON NORTH.
MONEY-MAKING OPPORTUNITIES.
11,000 ACRES, leased for long term.
uznooveovnmunrcuonsozsaeaurosoenivnon nsurxwmowc cmvenanwscxrx nzuuxms mvvaoracwsi eeoinuci iixcuvcazsv aeixwcnzaecrrvwzcnwwvrceosicoezmseowoneaoeocm wxexmnvaaxrrucmsiwznnizoxiriwzwzczeo
LATHAM AND CO.,
WOODVILLE LAND AGENCY, WIDAN STREET, WOODVILLE.
Printed and published by Albert Houston, 'Cornsleigh,' York Terrace, Oriental Bay, for The Wellington Publishing Company, Limited, at the Registered Office of the Company, Dominion Avenue, Wellington, Thursday, April 6, 1911.
